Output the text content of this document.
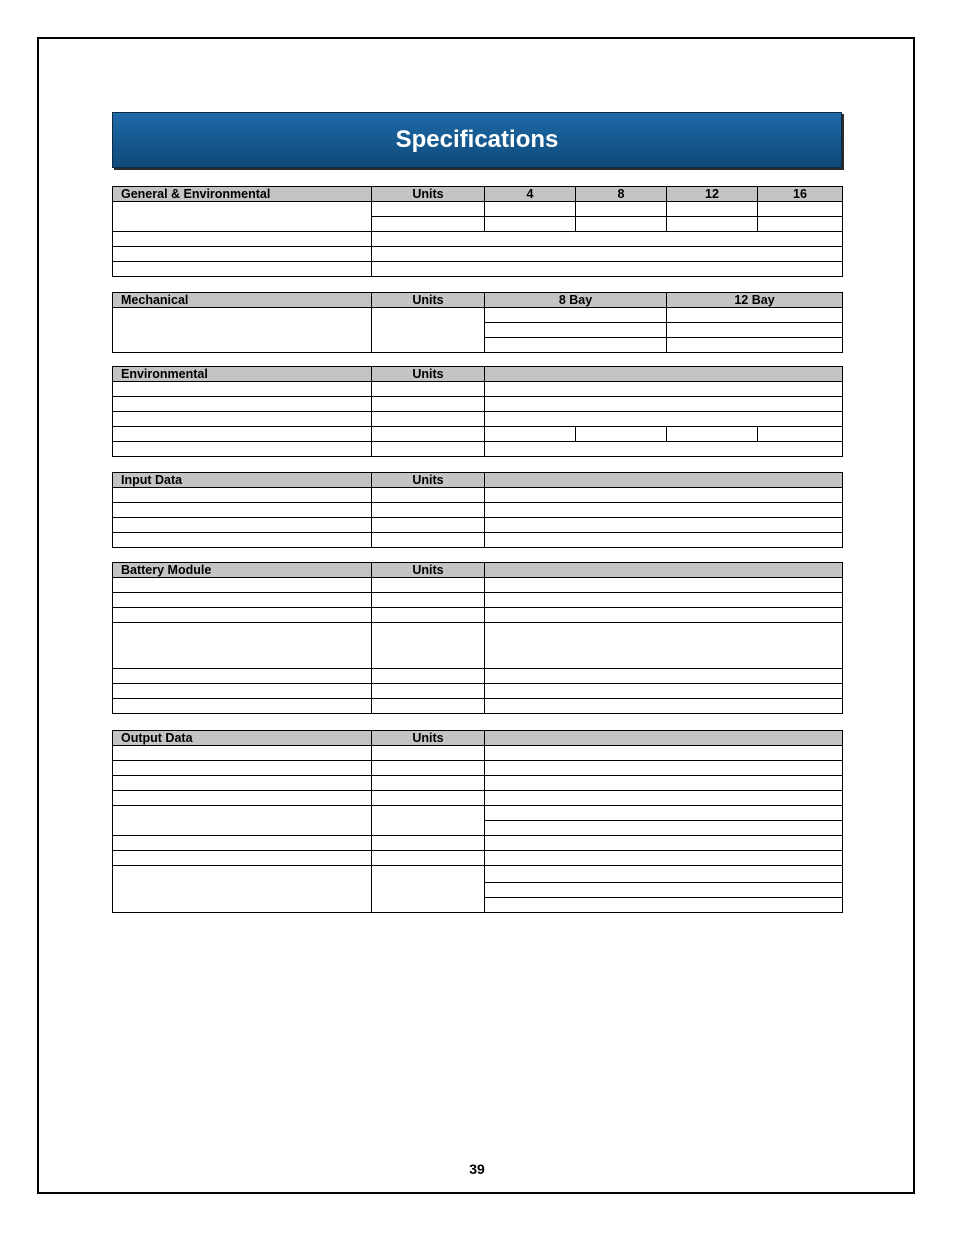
Specifications
General & Environmental	Units	4	8	12	16

Mechanical	Units	8 Bay	12 Bay

Environmental	Units				

Input Data	Units	

Battery Module	Units	

Output Data	Units	

39
